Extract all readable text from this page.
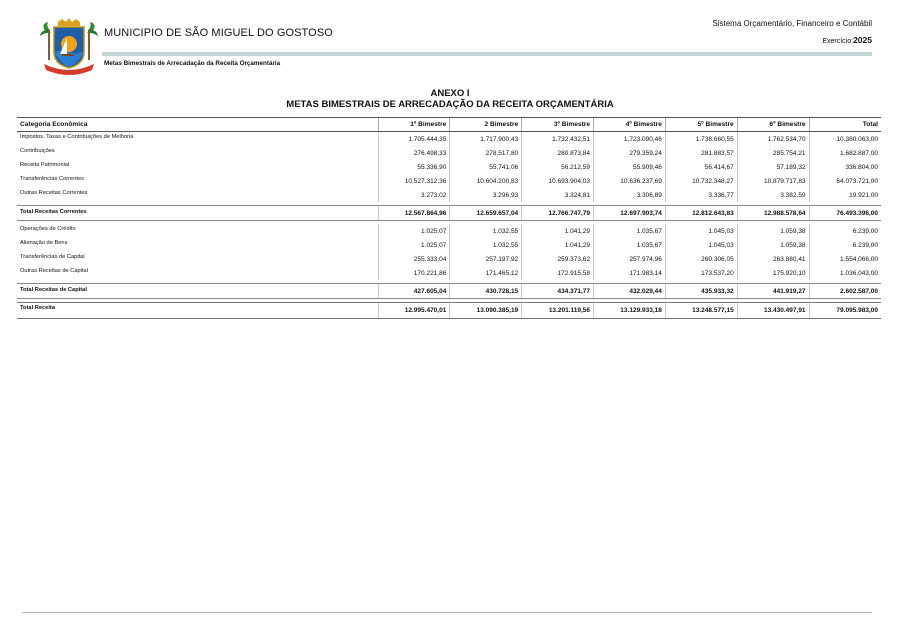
MUNICIPIO DE SÃO MIGUEL DO GOSTOSO
Sistema Orçamentário, Financeiro e Contábil
Exercício:2025
Metas Bimestrais de Arrecadação da Receita Orçamentária
ANEXO I
METAS BIMESTRAIS DE ARRECADAÇÃO DA RECEITA ORÇAMENTÁRIA
Categoria Econômica	1º Bimestre	2 Bimestre	3º Bimestre	4º Bimestre	5º Bimestre	6º Bimestre	Total
Impostos, Taxas e Contribuições de Melhoria	1.705.444,35	1.717.900,43	1.732.432,51	1.723.090,46	1.738.660,55	1.762.534,70	10.380.063,00
Contribuições	276.498,33	278.517,80	280.873,84	279.359,24	281.883,57	285.754,21	1.682.887,00
Receita Patrimonial	55.336,90	55.741,06	56.212,59	55.909,46	56.414,67	57.189,32	336.804,00
Transferências Correntes	10.527.312,36	10.604.200,83	10.693.904,03	10.636.237,69	10.732.348,27	10.879.717,83	64.073.721,00
Outras Receitas Correntes	3.273,02	3.296,93	3.324,81	3.306,89	3.336,77	3.382,59	19.921,00

Total Receitas Correntes	12.567.864,96	12.659.657,04	12.766.747,79	12.697.903,74	12.812.643,83	12.988.578,64	76.493.396,00

Operações de Crédito	1.025,07	1.032,55	1.041,29	1.035,67	1.045,03	1.059,38	6.239,00
Alienação de Bens	1.025,07	1.032,55	1.041,29	1.035,67	1.045,03	1.059,38	6.239,00
Transferências de Capital	255.333,04	257.197,92	259.373,62	257.974,96	260.306,05	263.880,41	1.554.066,00
Outras Receitas de Capital	170.221,86	171.465,12	172.915,58	171.983,14	173.537,20	175.920,10	1.036.043,00

Total Receitas de Capital	427.605,04	430.728,15	434.371,77	432.029,44	435.933,32	441.919,27	2.602.587,00

Total Receita	12.995.470,01	13.090.385,19	13.201.119,56	13.129.933,18	13.248.577,15	13.430.497,91	79.095.983,00
